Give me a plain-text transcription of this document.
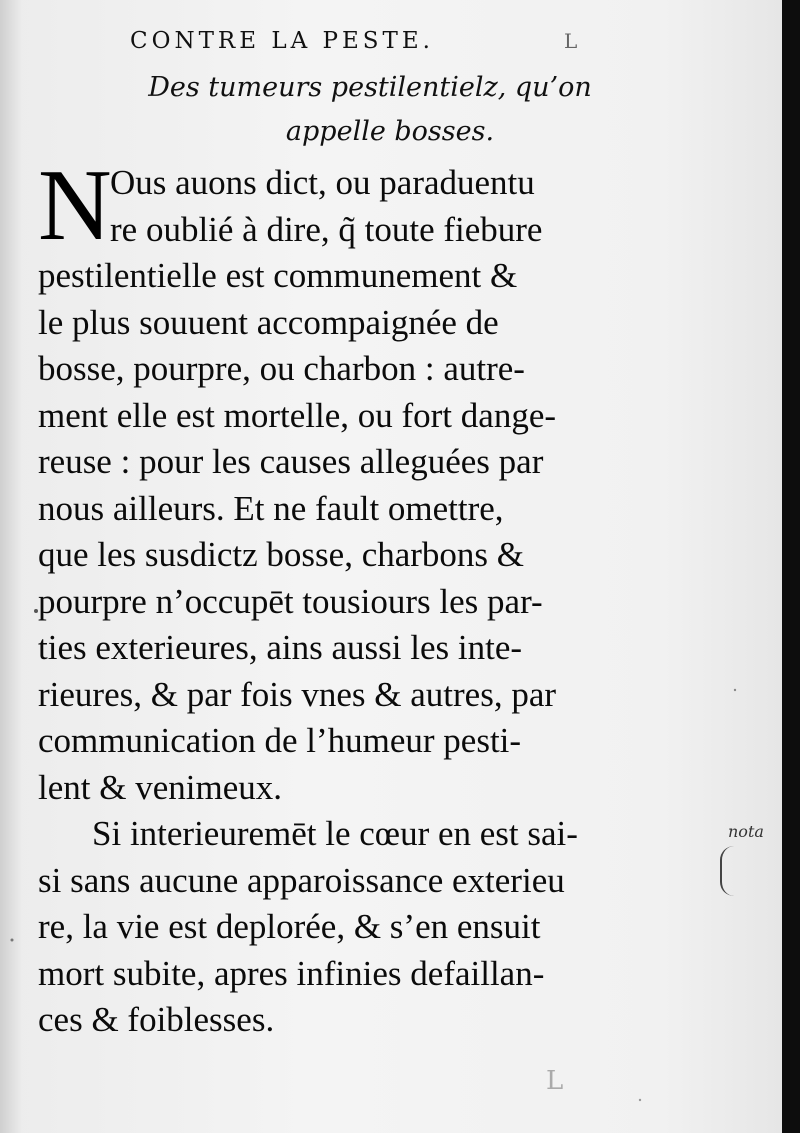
CONTRE LA PESTE.	L
Des tumeurs pestilentielz, qu’on
appelle bosses.
N
Ous auons dict, ou paraduentu
re oublié à dire, q̃ toute fiebure
pestilentielle est communement &
le plus souuent accompaignée de
bosse, pourpre, ou charbon : autre-
ment elle est mortelle, ou fort dange-
reuse : pour les causes alleguées par
nous ailleurs. Et ne fault omettre,
que les susdictz bosse, charbons &
pourpre n’occupēt tousiours les par-
ties exterieures, ains aussi les inte-
rieures, & par fois vnes & autres, par
communication de l’humeur pesti-
lent & venimeux.
Si interieuremēt le cœur en est sai-
si sans aucune apparoissance exterieu
re, la vie est deplorée, & s’en ensuit
mort subite, apres infinies defaillan-
ces & foiblesses.
nota
L
